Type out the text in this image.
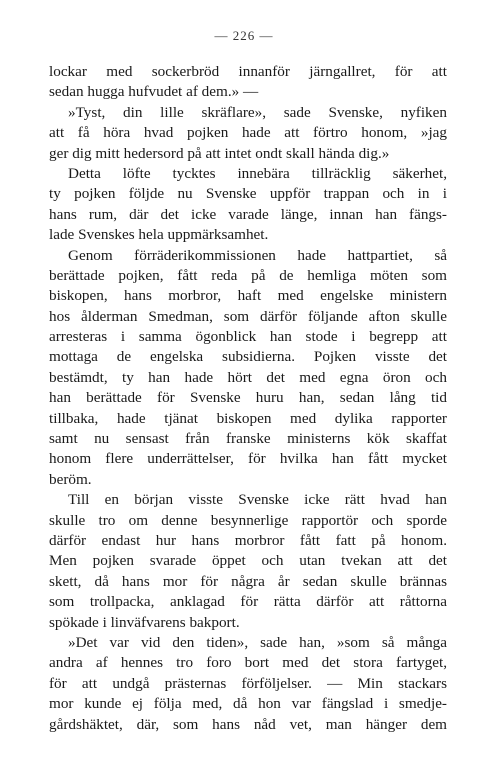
— 226 —
lockar med sockerbröd innanför järngallret, för att
sedan hugga hufvudet af dem.» —
»Tyst, din lille skräflare», sade Svenske, nyfiken
att få höra hvad pojken hade att förtro honom, »jag
ger dig mitt hedersord på att intet ondt skall hända dig.»
Detta löfte tycktes innebära tillräcklig säkerhet,
ty pojken följde nu Svenske uppför trappan och in i
hans rum, där det icke varade länge, innan han fängs-
lade Svenskes hela uppmärksamhet.
Genom förräderikommissionen hade hattpartiet, så
berättade pojken, fått reda på de hemliga möten som
biskopen, hans morbror, haft med engelske ministern
hos ålderman Smedman, som därför följande afton skulle
arresteras i samma ögonblick han stode i begrepp att
mottaga de engelska subsidierna. Pojken visste det
bestämdt, ty han hade hört det med egna öron och
han berättade för Svenske huru han, sedan lång tid
tillbaka, hade tjänat biskopen med dylika rapporter
samt nu sensast från franske ministerns kök skaffat
honom flere underrättelser, för hvilka han fått mycket
beröm.
Till en början visste Svenske icke rätt hvad han
skulle tro om denne besynnerlige rapportör och sporde
därför endast hur hans morbror fått fatt på honom.
Men pojken svarade öppet och utan tvekan att det
skett, då hans mor för några år sedan skulle brännas
som trollpacka, anklagad för rätta därför att råttorna
spökade i linväfvarens bakport.
»Det var vid den tiden», sade han, »som så många
andra af hennes tro foro bort med det stora fartyget,
för att undgå prästernas förföljelser. — Min stackars
mor kunde ej följa med, då hon var fängslad i smedje-
gårdshäktet, där, som hans nåd vet, man hänger dem
